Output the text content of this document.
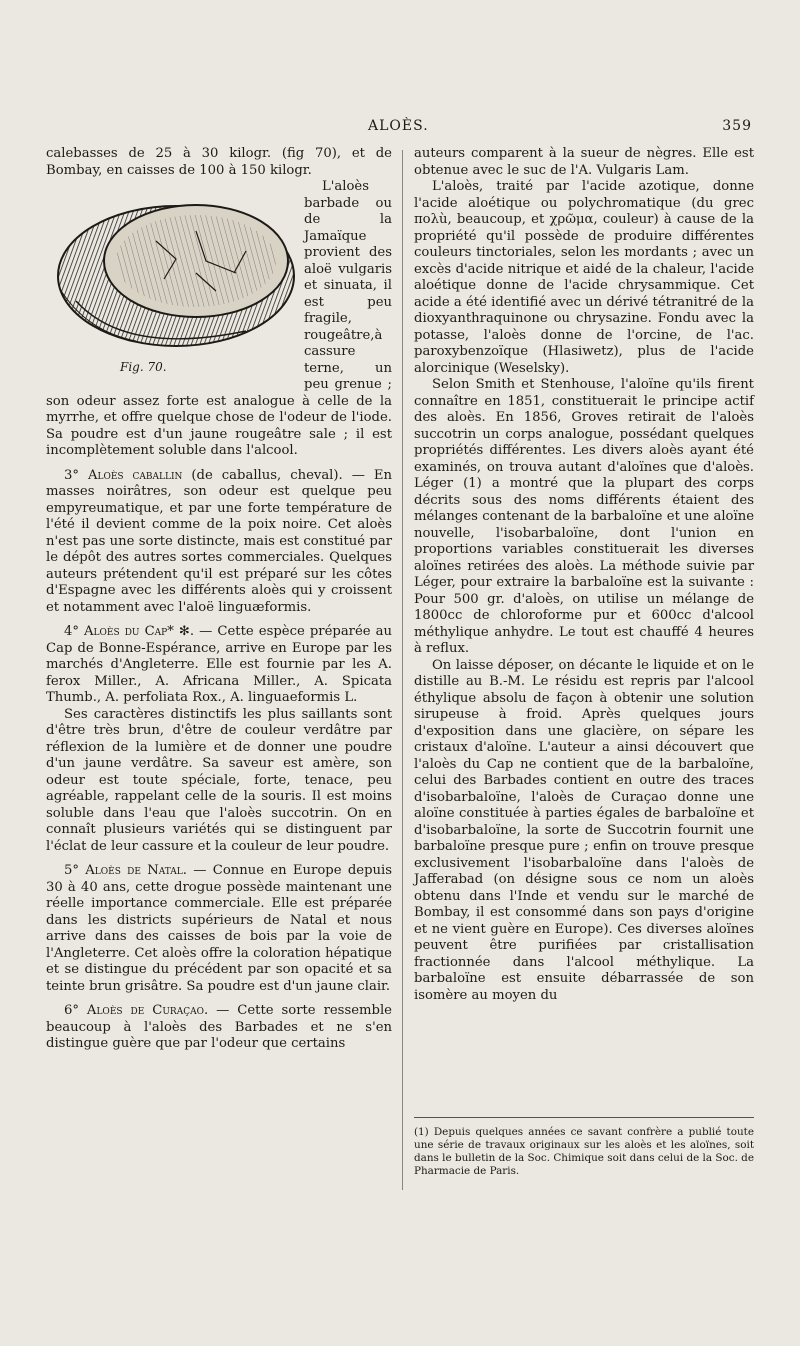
ALOÈS.	359

calebasses de 25 à 30 kilogr. (fig 70), et de Bombay, en caisses de 100 à 150 kilogr.

Fig. 70.

L'aloès barbade ou de la Jamaïque provient des aloë vulgaris et sinuata, il est peu fragile, rougeâtre,à cassure terne, un peu grenue ; son odeur assez forte est analogue à celle de la myrrhe, et offre quelque chose de l'odeur de l'iode. Sa poudre est d'un jaune rougeâtre sale ; il est incomplètement soluble dans l'alcool.

3° Aloès caballin (de caballus, cheval). — En masses noirâtres, son odeur est quelque peu empyreumatique, et par une forte température de l'été il devient comme de la poix noire. Cet aloès n'est pas une sorte distincte, mais est constitué par le dépôt des autres sortes commerciales. Quelques auteurs prétendent qu'il est préparé sur les côtes d'Espagne avec les différents aloès qui y croissent et notamment avec l'aloë linguæformis.

4° Aloès du Cap* ✻. — Cette espèce préparée au Cap de Bonne-Espérance, arrive en Europe par les marchés d'Angleterre. Elle est fournie par les A. ferox Miller., A. Africana Miller., A. Spicata Thumb., A. perfoliata Rox., A. linguaeformis L.

Ses caractères distinctifs les plus saillants sont d'être très brun, d'être de couleur verdâtre par réflexion de la lumière et de donner une poudre d'un jaune verdâtre. Sa saveur est amère, son odeur est toute spéciale, forte, tenace, peu agréable, rappelant celle de la souris. Il est moins soluble dans l'eau que l'aloès succotrin. On en connaît plusieurs variétés qui se distinguent par l'éclat de leur cassure et la couleur de leur poudre.

5° Aloès de Natal. — Connue en Europe depuis 30 à 40 ans, cette drogue possède maintenant une réelle importance commerciale. Elle est préparée dans les districts supérieurs de Natal et nous arrive dans des caisses de bois par la voie de l'Angleterre. Cet aloès offre la coloration hépatique et se distingue du précédent par son opacité et sa teinte brun grisâtre. Sa poudre est d'un jaune clair.

6° Aloès de Curaçao. — Cette sorte ressemble beaucoup à l'aloès des Barbades et ne s'en distingue guère que par l'odeur que certains

auteurs comparent à la sueur de nègres. Elle est obtenue avec le suc de l'A. Vulgaris Lam.

L'aloès, traité par l'acide azotique, donne l'acide aloétique ou polychromatique (du grec πολù, beaucoup, et χρῶμα, couleur) à cause de la propriété qu'il possède de produire différentes couleurs tinctoriales, selon les mordants ; avec un excès d'acide nitrique et aidé de la chaleur, l'acide aloétique donne de l'acide chrysammique. Cet acide a été identifié avec un dérivé tétranitré de la dioxyanthraquinone ou chrysazine. Fondu avec la potasse, l'aloès donne de l'orcine, de l'ac. paroxybenzoïque (Hlasiwetz), plus de l'acide alorcinique (Weselsky).

Selon Smith et Stenhouse, l'aloïne qu'ils firent connaître en 1851, constituerait le principe actif des aloès. En 1856, Groves retirait de l'aloès succotrin un corps analogue, possédant quelques propriétés différentes. Les divers aloès ayant été examinés, on trouva autant d'aloïnes que d'aloès. Léger (1) a montré que la plupart des corps décrits sous des noms différents étaient des mélanges contenant de la barbaloïne et une aloïne nouvelle, l'isobarbaloïne, dont l'union en proportions variables constituerait les diverses aloïnes retirées des aloès. La méthode suivie par Léger, pour extraire la barbaloïne est la suivante : Pour 500 gr. d'aloès, on utilise un mélange de 1800cc de chloroforme pur et 600cc d'alcool méthylique anhydre. Le tout est chauffé 4 heures à reflux.

On laisse déposer, on décante le liquide et on le distille au B.-M. Le résidu est repris par l'alcool éthylique absolu de façon à obtenir une solution sirupeuse à froid. Après quelques jours d'exposition dans une glacière, on sépare les cristaux d'aloïne. L'auteur a ainsi découvert que l'aloès du Cap ne contient que de la barbaloïne, celui des Barbades contient en outre des traces d'isobarbaloïne, l'aloès de Curaçao donne une aloïne constituée à parties égales de barbaloïne et d'isobarbaloïne, la sorte de Succotrin fournit une barbaloïne presque pure ; enfin on trouve presque exclusivement l'isobarbaloïne dans l'aloès de Jafferabad (on désigne sous ce nom un aloès obtenu dans l'Inde et vendu sur le marché de Bombay, il est consommé dans son pays d'origine et ne vient guère en Europe). Ces diverses aloïnes peuvent être purifiées par cristallisation fractionnée dans l'alcool méthylique. La barbaloïne est ensuite débarrassée de son isomère au moyen du

(1) Depuis quelques années ce savant confrère a publié toute une série de travaux originaux sur les aloès et les aloïnes, soit dans le bulletin de la Soc. Chimique soit dans celui de la Soc. de Pharmacie de Paris.
